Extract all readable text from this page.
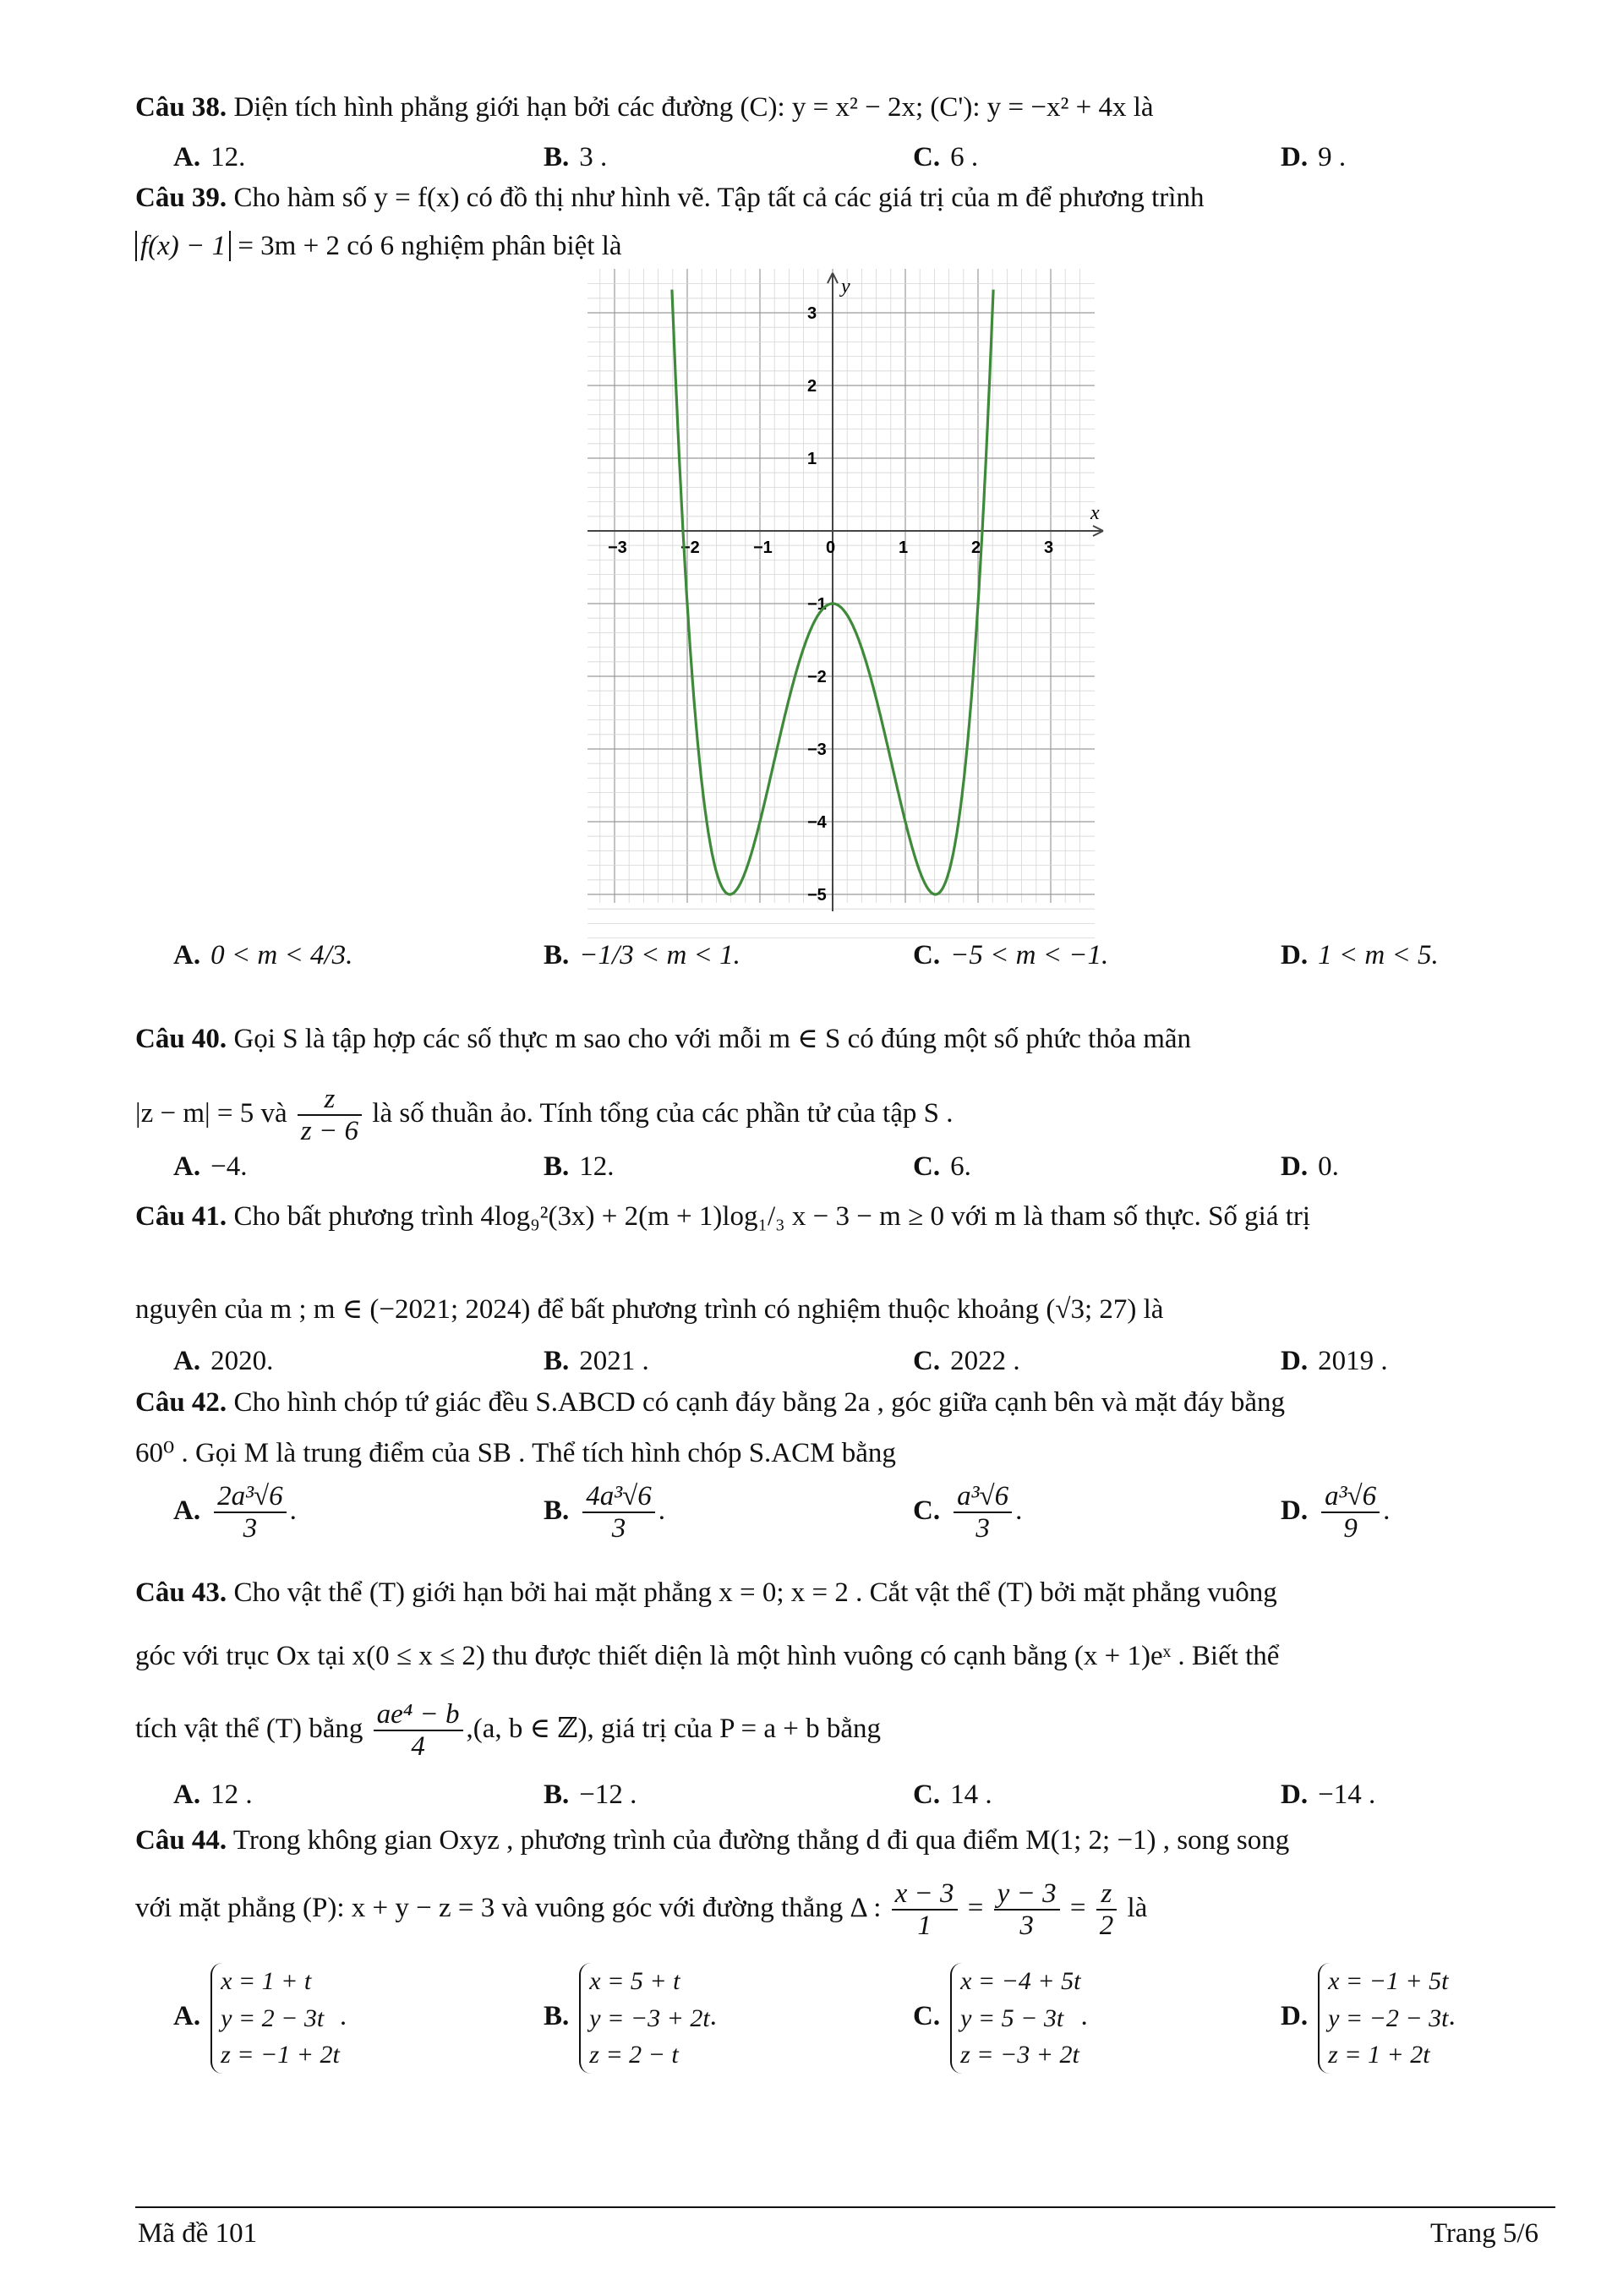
Câu 38. Diện tích hình phẳng giới hạn bởi các đường (C): y = x² − 2x; (C'): y = −x² + 4x là
A. 12.	B. 3 .	C. 6 .	D. 9 .
Câu 39. Cho hàm số y = f(x) có đồ thị như hình vẽ. Tập tất cả các giá trị của m để phương trình
f(x) − 1 = 3m + 2 có 6 nghiệm phân biệt là
x
y
−3	−2	−1	0	1	2	3
3
2
1
−1
−2
−3
−4
−5
A. 0 < m < 4/3.	B. −1/3 < m < 1.	C. −5 < m < −1.	D. 1 < m < 5.
Câu 40. Gọi S là tập hợp các số thực m sao cho với mỗi m ∈ S có đúng một số phức thỏa mãn
|z − m| = 5 và $\frac{z}{z - 6}$ là số thuần ảo. Tính tổng của các phần tử của tập S .
A. −4.	B. 12.	C. 6.	D. 0.
Câu 41. Cho bất phương trình 4log₉²(3x) + 2(m + 1)log₁/₃ x − 3 − m ≥ 0 với m là tham số thực. Số giá trị
nguyên của m ; m ∈ (−2021; 2024) để bất phương trình có nghiệm thuộc khoảng (√3; 27) là
A. 2020.	B. 2021 .	C. 2022 .	D. 2019 .
Câu 42. Cho hình chóp tứ giác đều S.ABCD có cạnh đáy bằng 2a , góc giữa cạnh bên và mặt đáy bằng
60⁰ . Gọi M là trung điểm của SB . Thể tích hình chóp S.ACM bằng
A. $\frac{\text{2a³√6}}{3}$ .	B. $\frac{\text{4a³√6}}{3}$ .	C. $\frac{\text{a³√6}}{3}$ .	D. $\frac{\text{a³√6}}{9}$ .
Câu 43. Cho vật thể (T) giới hạn bởi hai mặt phẳng x = 0; x = 2 . Cắt vật thể (T) bởi mặt phẳng vuông
góc với trục Ox tại x(0 ≤ x ≤ 2) thu được thiết diện là một hình vuông có cạnh bằng (x + 1)eˣ . Biết thể
tích vật thể (T) bằng $\frac{\text{ae⁴ − b}}{4} ,(a$, b ∈ ℤ), giá trị của P = a + b bằng
A. 12 .	B. −12 .	C. 14 .	D. −14 .
Câu 44. Trong không gian Oxyz , phương trình của đường thẳng d đi qua điểm M(1; 2; −1) , song song
với mặt phẳng (P): x + y − z = 3 và vuông góc với đường thẳng Δ : $\frac{x - 3}{1} = \frac{y - 3}{3} = \frac{z}{2}$ là
A.
x = 1 + t
y = 2 − 3t
z = −1 + 2t
.	B.
x = 5 + t
y = −3 + 2t
z = 2 − t
.	C.
x = −4 + 5t
y = 5 − 3t
z = −3 + 2t
.	D.
x = −1 + 5t
y = −2 − 3t
z = 1 + 2t
.
Mã đề 101	Trang 5/6
